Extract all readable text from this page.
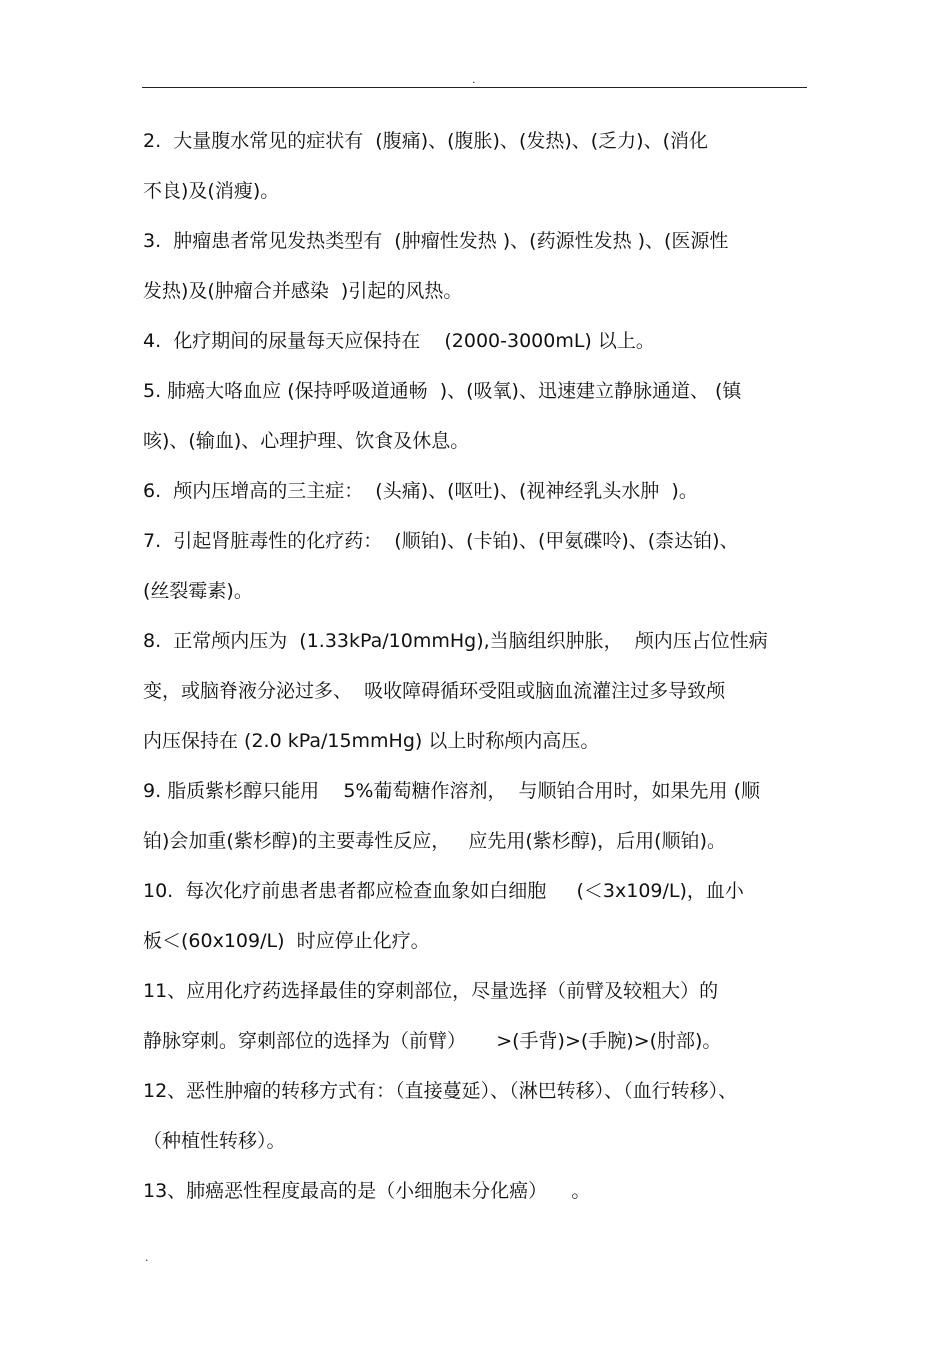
.
2.  大量腹水常见的症状有  (腹痛)、(腹胀)、(发热)、(乏力)、(消化
不良)及(消瘦)。
3.  肿瘤患者常见发热类型有  (肿瘤性发热 )、(药源性发热 )、(医源性
发热)及(肿瘤合并感染  )引起的风热。
4.  化疗期间的尿量每天应保持在    (2000-3000mL) 以上。
5. 肺癌大咯血应 (保持呼吸道通畅  )、(吸氧)、迅速建立静脉通道、 (镇
咳)、(输血)、心理护理、饮食及休息。
6.  颅内压增高的三主症：  (头痛)、(呕吐)、(视神经乳头水肿  )。
7.  引起肾脏毒性的化疗药：  (顺铂)、(卡铂)、(甲氨碟呤)、(柰达铂)、
(丝裂霉素)。
8.  正常颅内压为  (1.33kPa/10mmHg),当脑组织肿胀，  颅内压占位性病
变，或脑脊液分泌过多、  吸收障碍循环受阻或脑血流灌注过多导致颅
内压保持在 (2.0 kPa/15mmHg) 以上时称颅内高压。
9. 脂质紫杉醇只能用    5%葡萄糖作溶剂，  与顺铂合用时，如果先用 (顺
铂)会加重(紫杉醇)的主要毒性反应，   应先用(紫杉醇)，后用(顺铂)。
10.  每次化疗前患者患者都应检查血象如白细胞     (＜3x109/L)，血小
板＜(60x109/L)  时应停止化疗。
11、应用化疗药选择最佳的穿刺部位，尽量选择（前臂及较粗大）的
静脉穿刺。穿刺部位的选择为（前臂）     >(手背)>(手腕)>(肘部)。
12、恶性肿瘤的转移方式有：（直接蔓延）、（淋巴转移）、（血行转移）、
（种植性转移）。
13、肺癌恶性程度最高的是（小细胞未分化癌）    。
.
